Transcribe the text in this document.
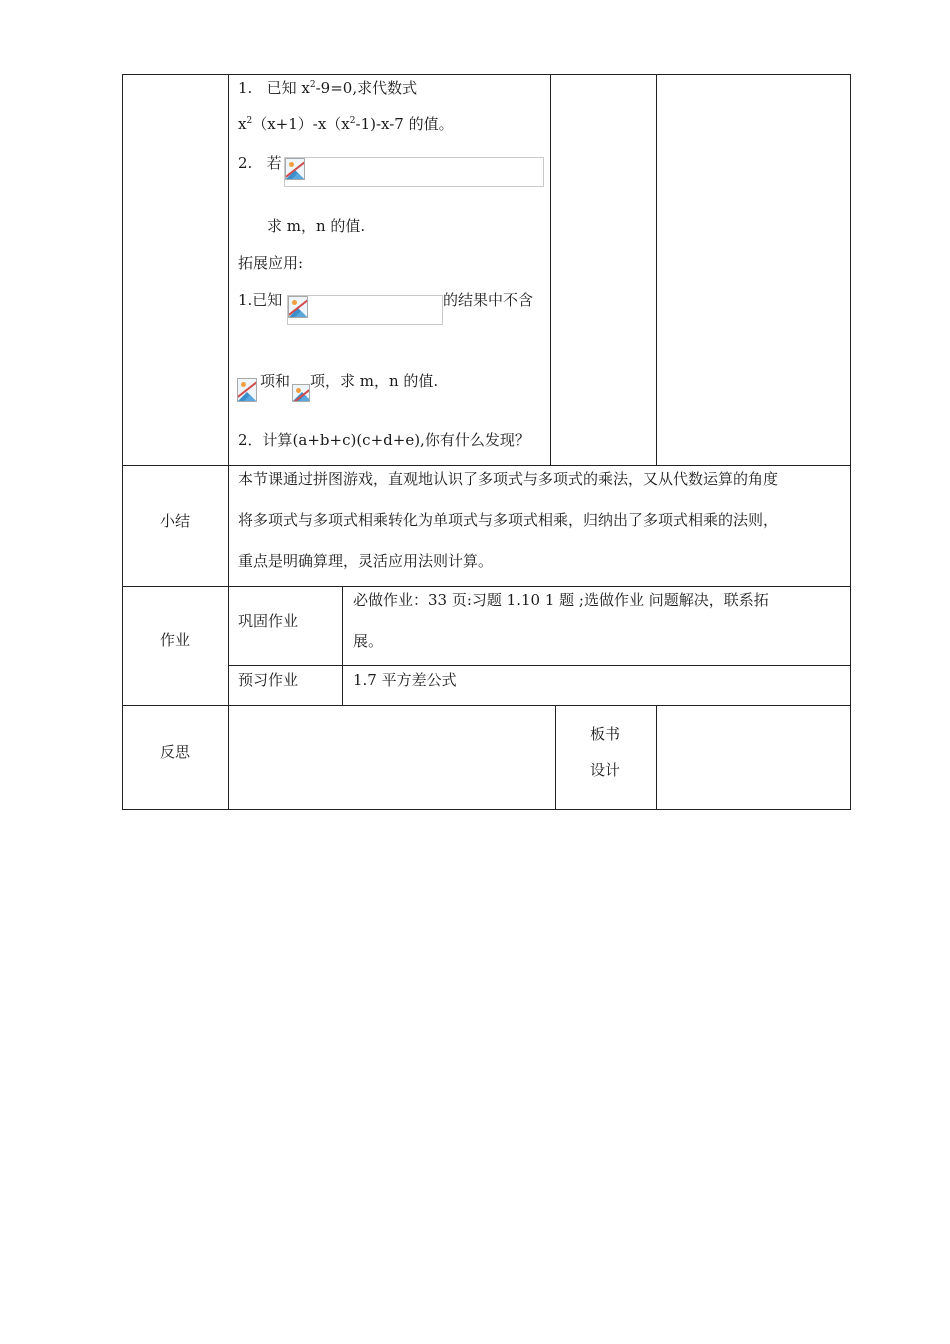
1. 已知 $x^2-9=0$,求代数式
$x^2(x+1)-x(x^2-1)-x-7$ 的值。
2. 若
求 m，n 的值.
拓展应用:
1.已知	的结果中不含
项和 项，求 m，n 的值.
2．计算(a+b+c)(c+d+e),你有什么发现？
小结
本节课通过拼图游戏，直观地认识了多项式与多项式的乘法，又从代数运算的角度
将多项式与多项式相乘转化为单项式与多项式相乘，归纳出了多项式相乘的法则，
重点是明确算理，灵活应用法则计算。
作业
巩固作业
必做作业：33 页:习题 1.10 1 题 ;选做作业 问题解决，联系拓
展。
预习作业	1.7 平方差公式
反思
板书
设计
